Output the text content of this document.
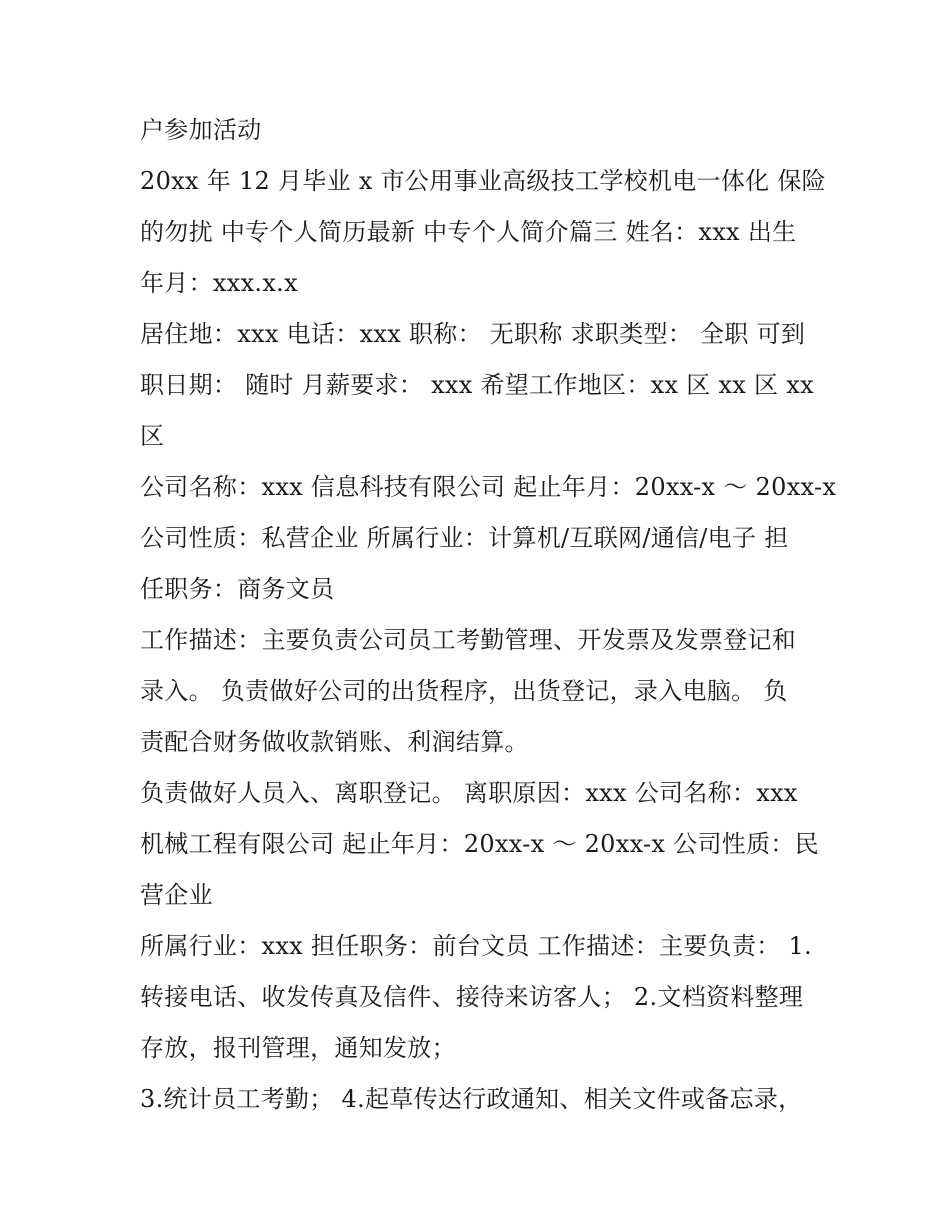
户参加活动
20xx 年 12 月毕业 x 市公用事业高级技工学校机电一体化 保险
的勿扰 中专个人简历最新 中专个人简介篇三 姓名：xxx 出生
年月：xxx.x.x
居住地：xxx 电话：xxx 职称： 无职称 求职类型： 全职 可到
职日期： 随时 月薪要求： xxx 希望工作地区：xx 区 xx 区 xx
区
公司名称：xxx 信息科技有限公司 起止年月：20xx-x ～ 20xx-x
公司性质：私营企业 所属行业：计算机/互联网/通信/电子 担
任职务：商务文员
工作描述：主要负责公司员工考勤管理、开发票及发票登记和
录入。 负责做好公司的出货程序，出货登记，录入电脑。 负
责配合财务做收款销账、利润结算。
负责做好人员入、离职登记。 离职原因：xxx 公司名称：xxx
机械工程有限公司 起止年月：20xx-x ～ 20xx-x 公司性质：民
营企业
所属行业：xxx 担任职务：前台文员 工作描述：主要负责： 1.
转接电话、收发传真及信件、接待来访客人； 2.文档资料整理
存放，报刊管理，通知发放；
3.统计员工考勤； 4.起草传达行政通知、相关文件或备忘录，
